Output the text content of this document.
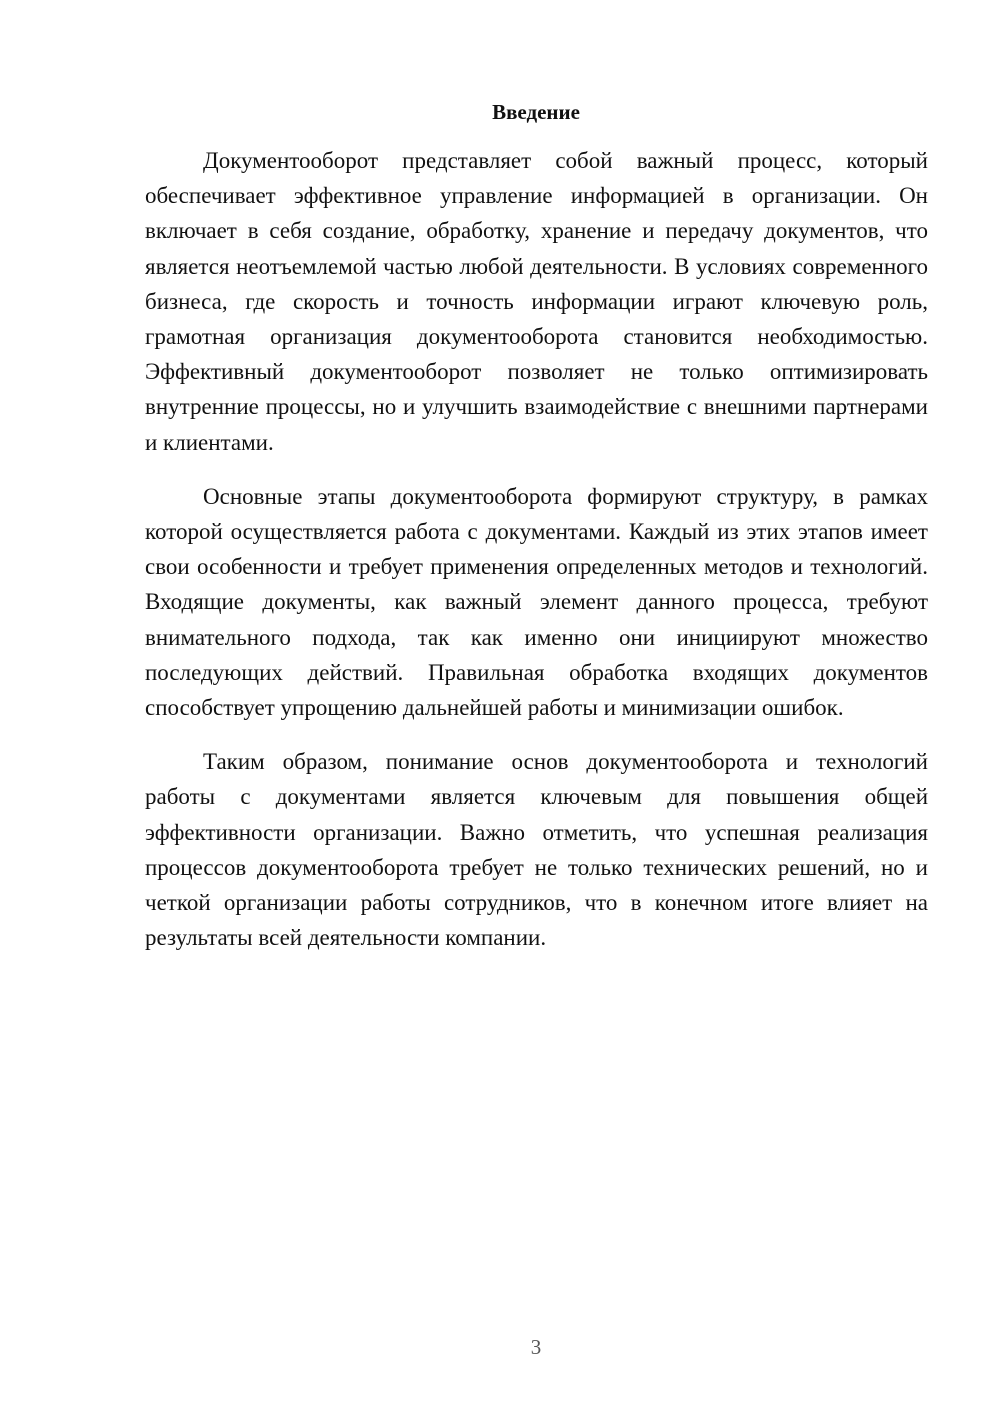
Введение

Документооборот представляет собой важный процесс, который обеспечивает эффективное управление информацией в организации. Он включает в себя создание, обработку, хранение и передачу документов, что является неотъемлемой частью любой деятельности. В условиях современного бизнеса, где скорость и точность информации играют ключевую роль, грамотная организация документооборота становится необходимостью. Эффективный документооборот позволяет не только оптимизировать внутренние процессы, но и улучшить взаимодействие с внешними партнерами и клиентами.

Основные этапы документооборота формируют структуру, в рамках которой осуществляется работа с документами. Каждый из этих этапов имеет свои особенности и требует применения определенных методов и технологий. Входящие документы, как важный элемент данного процесса, требуют внимательного подхода, так как именно они инициируют множество последующих действий. Правильная обработка входящих документов способствует упрощению дальнейшей работы и минимизации ошибок.

Таким образом, понимание основ документооборота и технологий работы с документами является ключевым для повышения общей эффективности организации. Важно отметить, что успешная реализация процессов документооборота требует не только технических решений, но и четкой организации работы сотрудников, что в конечном итоге влияет на результаты всей деятельности компании.

3
